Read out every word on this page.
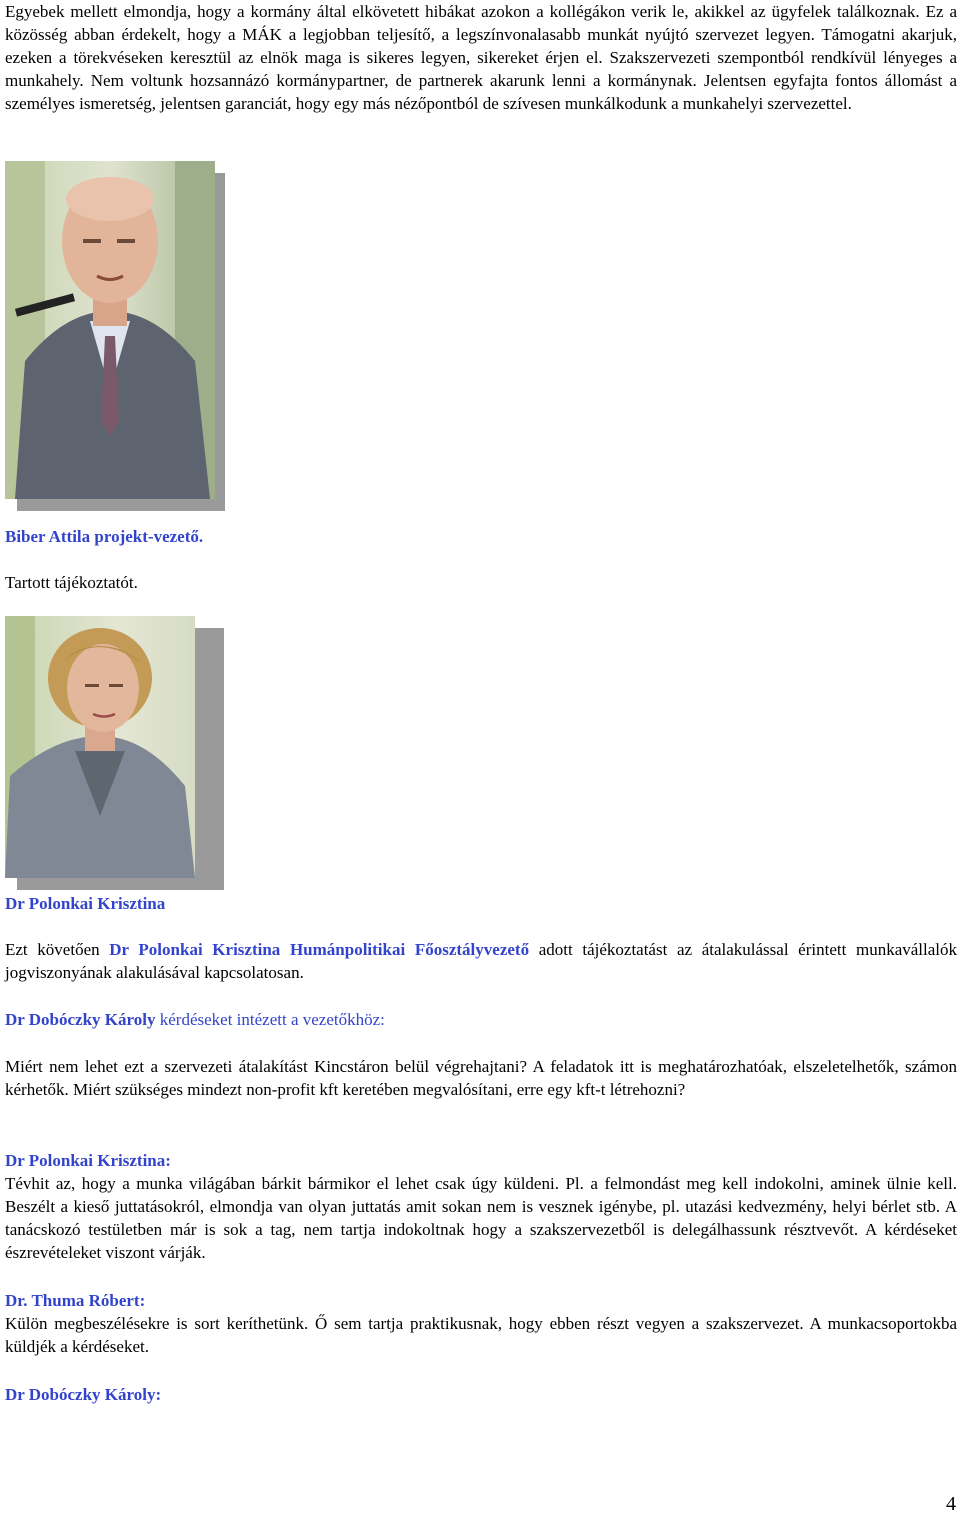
Egyebek mellett elmondja, hogy a kormány által elkövetett hibákat azokon a kollégákon verik le, akikkel az ügyfelek találkoznak. Ez a közösség abban érdekelt, hogy a MÁK a legjobban teljesítő, a legszínvonalasabb munkát nyújtó szervezet legyen. Támogatni akarjuk, ezeken a törekvéseken keresztül az elnök maga is sikeres legyen, sikereket érjen el. Szakszervezeti szempontból rendkívül lényeges a munkahely. Nem voltunk hozsannázó kormánypartner, de partnerek akarunk lenni a kormánynak. Jelentsen egyfajta fontos állomást a személyes ismeretség, jelentsen garanciát, hogy egy más nézőpontból de szívesen munkálkodunk a munkahelyi szervezettel.

Biber Attila projekt-vezető.
Tartott tájékoztatót.
Dr Polonkai Krisztina

Ezt követően Dr Polonkai Krisztina Humánpolitikai Főosztályvezető adott tájékoztatást az átalakulással érintett munkavállalók jogviszonyának alakulásával kapcsolatosan.

Dr Dobóczky Károly kérdéseket intézett a vezetőkhöz:

Miért nem lehet ezt a szervezeti átalakítást Kincstáron belül végrehajtani? A feladatok itt is meghatározhatóak, elszeletelhetők, számon kérhetők. Miért szükséges mindezt non-profit kft keretében megvalósítani, erre egy kft-t létrehozni?

Dr Polonkai Krisztina:

Tévhit az, hogy a munka világában bárkit bármikor el lehet csak úgy küldeni. Pl. a felmondást meg kell indokolni, aminek ülnie kell. Beszélt a kieső juttatásokról, elmondja van olyan juttatás amit sokan nem is vesznek igénybe, pl. utazási kedvezmény, helyi bérlet stb. A tanácskozó testületben már is sok a tag, nem tartja indokoltnak hogy a szakszervezetből is delegálhassunk résztvevőt. A kérdéseket észrevételeket viszont várják.

Dr. Thuma Róbert:

Külön megbeszélésekre is sort keríthetünk. Ő sem tartja praktikusnak, hogy ebben részt vegyen a szakszervezet. A munkacsoportokba küldjék a kérdéseket.

Dr Dobóczky Károly:
4
